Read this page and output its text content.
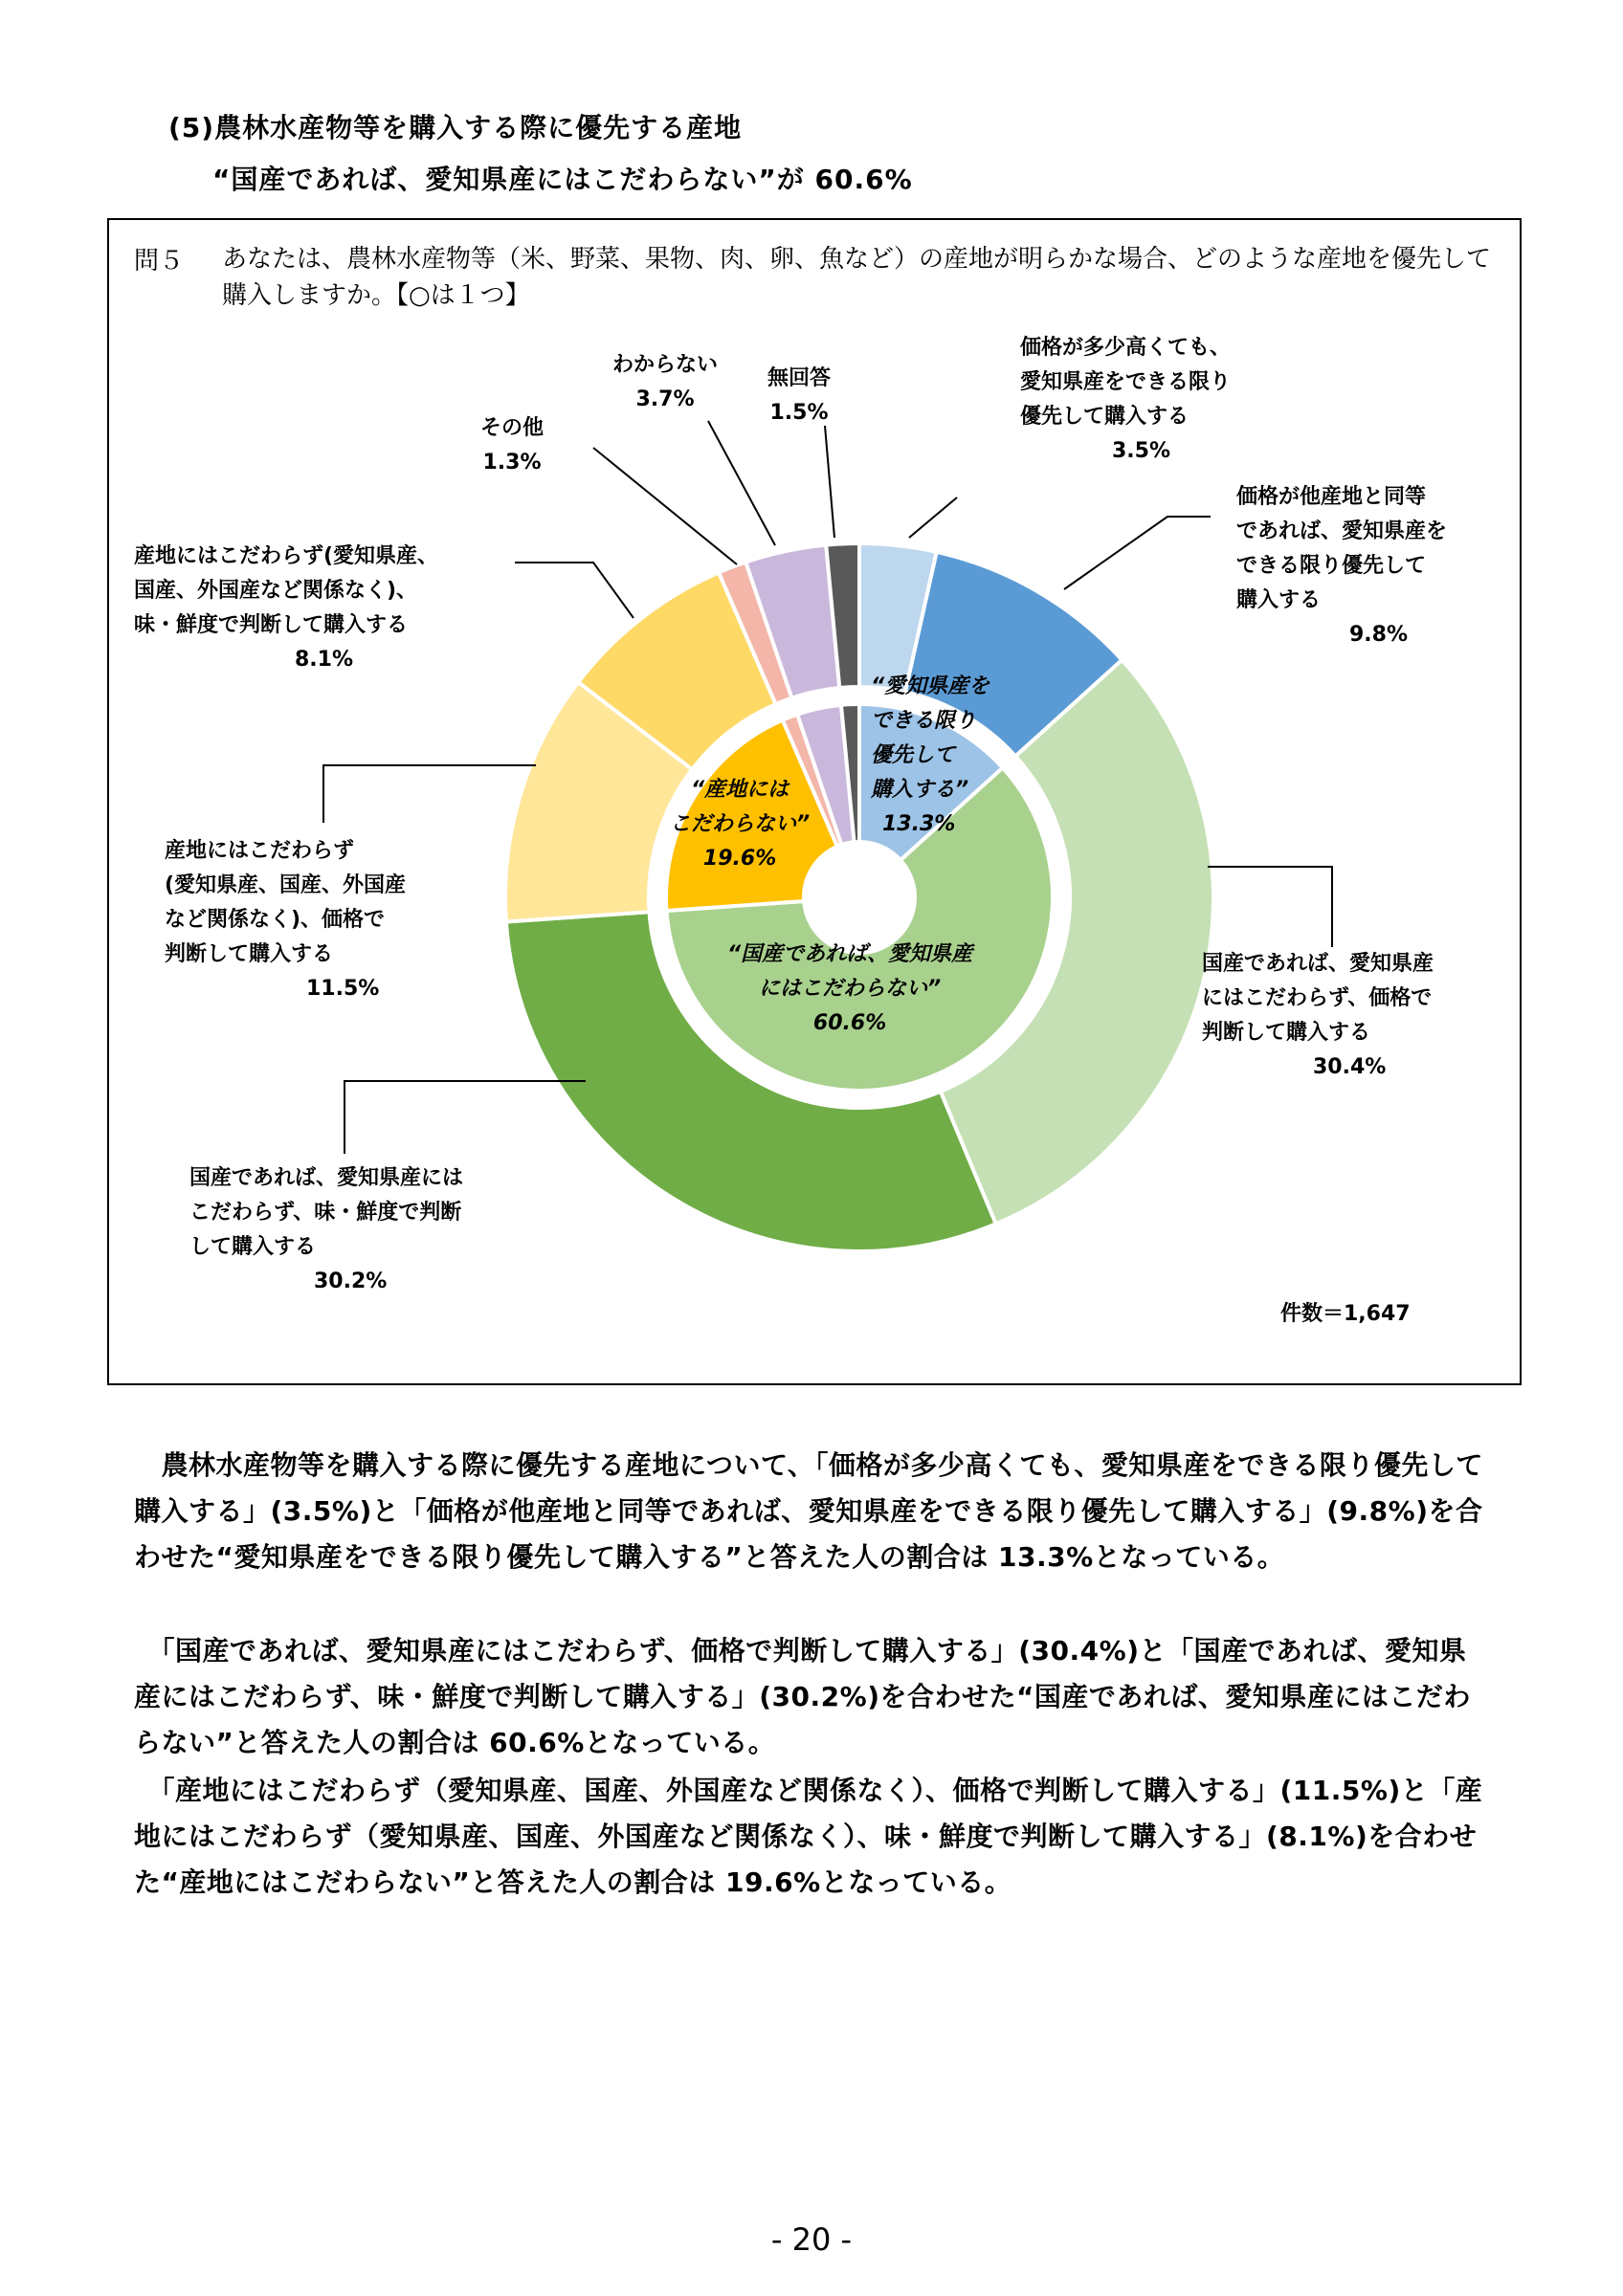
(5)農林水産物等を購入する際に優先する産地
“国産であれば、愛知県産にはこだわらない”が 60.6%
問５ あなたは、農林水産物等（米、野菜、果物、肉、卵、魚など）の産地が明らかな場合、どのような産地を優先して購入しますか。【○は１つ】
価格が多少高くても、
愛知県産をできる限り
優先して購入する
3.5%
価格が他産地と同等
であれば、愛知県産を
できる限り優先して
購入する
9.8%
国産であれば、愛知県産
にはこだわらず、価格で
判断して購入する
30.4%
国産であれば、愛知県産には
こだわらず、味・鮮度で判断
して購入する
30.2%
産地にはこだわらず
(愛知県産、国産、外国産
など関係なく)、価格で
判断して購入する
11.5%
産地にはこだわらず(愛知県産、
国産、外国産など関係なく)、
味・鮮度で判断して購入する
8.1%
その他
1.3%
わからない
3.7%
無回答
1.5%
“愛知県産を
できる限り
優先して
購入する”
13.3%
“産地には
こだわらない”
19.6%
“国産であれば、愛知県産
にはこだわらない”
60.6%
件数＝1,647
　農林水産物等を購入する際に優先する産地について、「価格が多少高くても、愛知県産をできる限り優先して購入する」(3.5%)と「価格が他産地と同等であれば、愛知県産をできる限り優先して購入する」(9.8%)を合わせた“愛知県産をできる限り優先して購入する”と答えた人の割合は 13.3%となっている。
　「国産であれば、愛知県産にはこだわらず、価格で判断して購入する」(30.4%)と「国産であれば、愛知県産にはこだわらず、味・鮮度で判断して購入する」(30.2%)を合わせた“国産であれば、愛知県産にはこだわらない”と答えた人の割合は 60.6%となっている。
　「産地にはこだわらず（愛知県産、国産、外国産など関係なく）、価格で判断して購入する」(11.5%)と「産地にはこだわらず（愛知県産、国産、外国産など関係なく）、味・鮮度で判断して購入する」(8.1%)を合わせた“産地にはこだわらない”と答えた人の割合は 19.6%となっている。
- 20 -
